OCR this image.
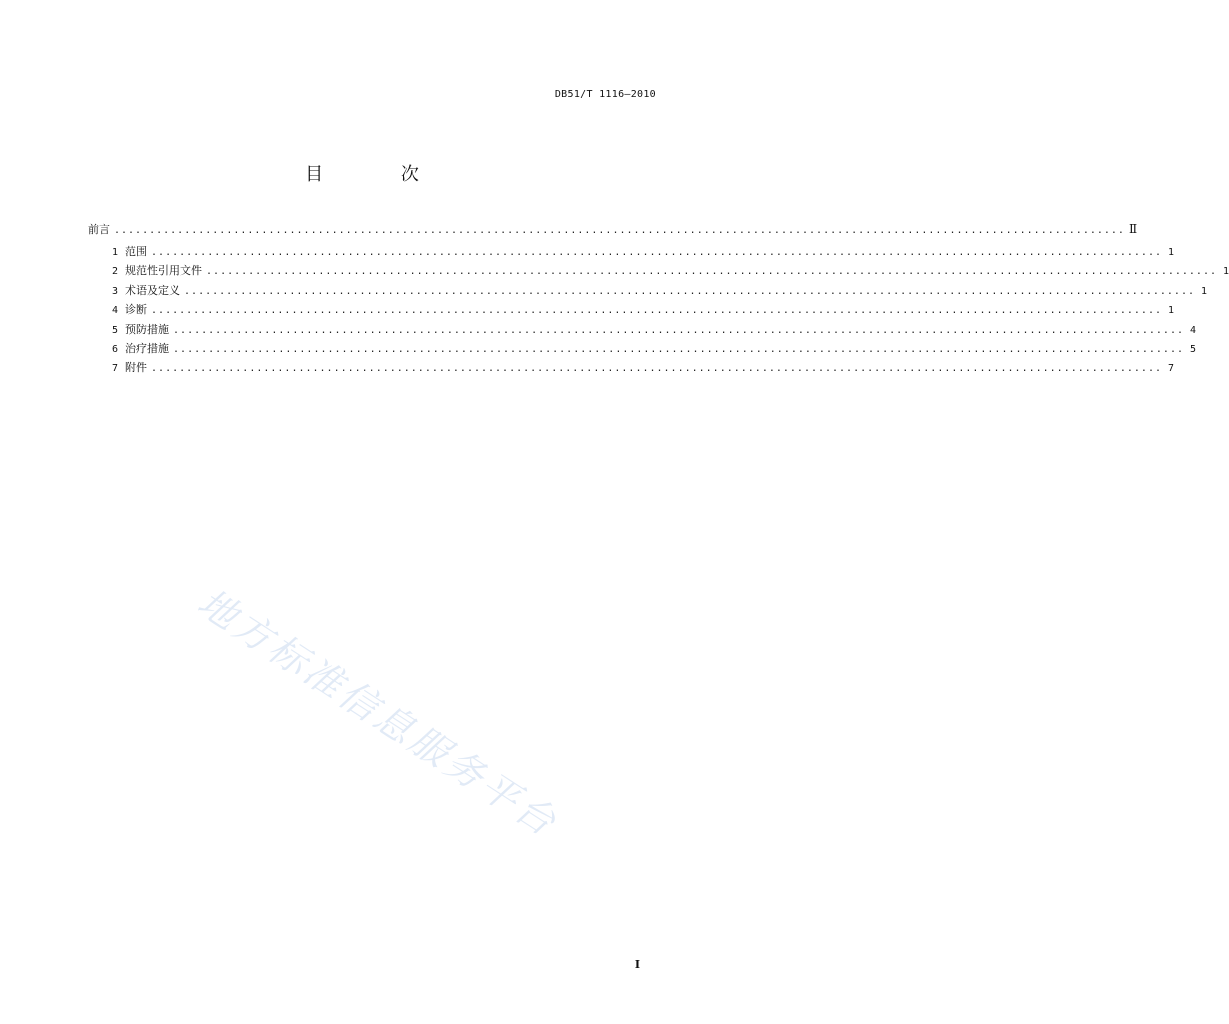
DB51/T 1116—2010
目 次
前言 ................................................................................................................................................ Ⅱ
1 范围 ................................................................................................................................................ 1
2 规范性引用文件 ................................................................................................................................................ 1
3 术语及定义 ................................................................................................................................................ 1
4 诊断 ................................................................................................................................................ 1
5 预防措施 ................................................................................................................................................ 4
6 治疗措施 ................................................................................................................................................ 5
7 附件 ................................................................................................................................................ 7
地方标准信息服务平台
I
